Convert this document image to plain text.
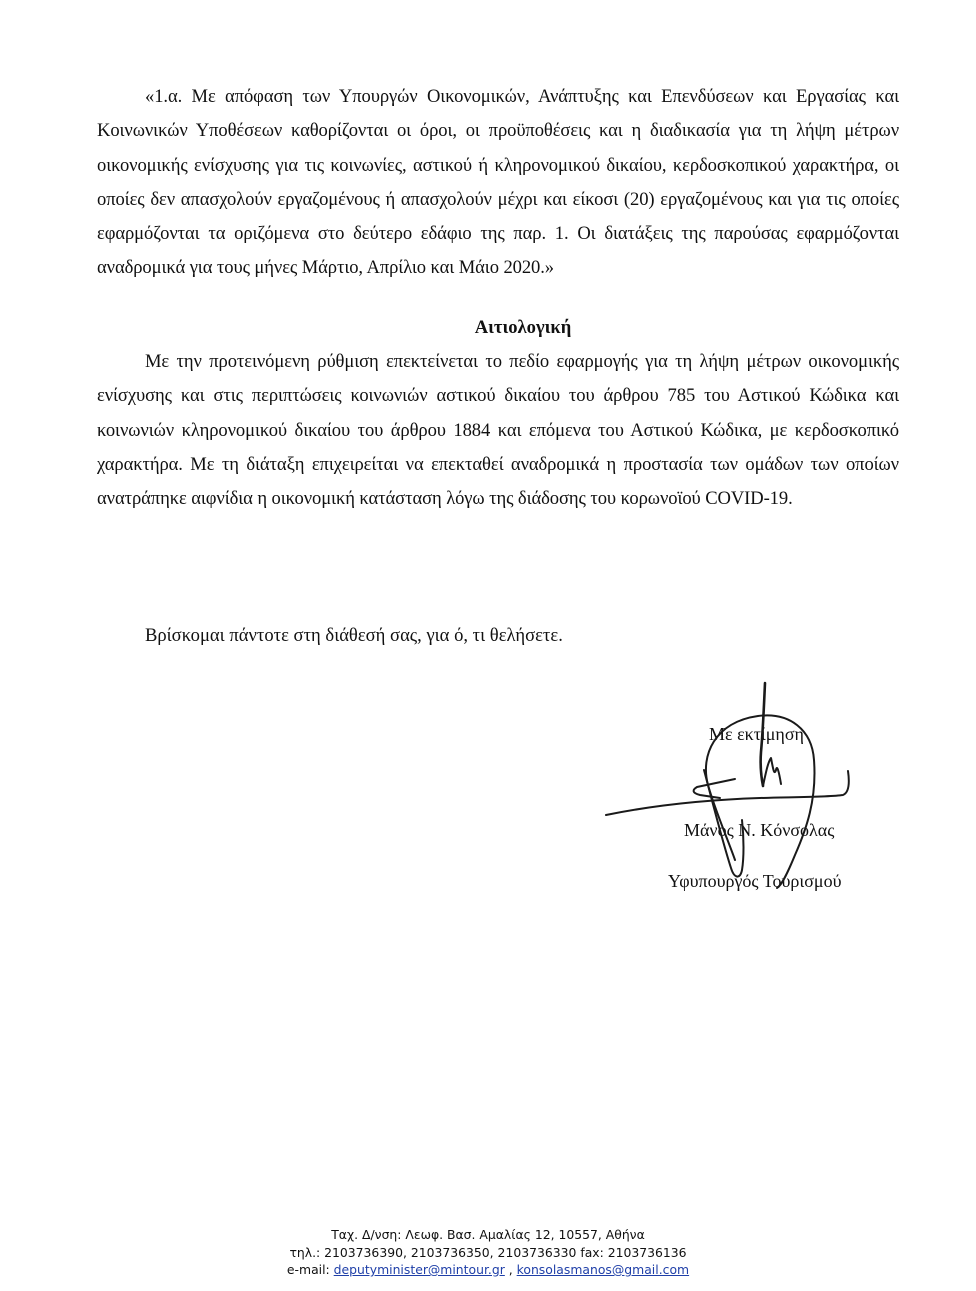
«1.α. Με απόφαση των Υπουργών Οικονομικών, Ανάπτυξης και Επενδύσεων και Εργασίας και Κοινωνικών Υποθέσεων καθορίζονται οι όροι, οι προϋποθέσεις και η διαδικασία για τη λήψη μέτρων οικονομικής ενίσχυσης για τις κοινωνίες, αστικού ή κληρονομικού δικαίου, κερδοσκοπικού χαρακτήρα, οι οποίες δεν απασχολούν εργαζομένους ή απασχολούν μέχρι και είκοσι (20) εργαζομένους και για τις οποίες εφαρμόζονται τα οριζόμενα στο δεύτερο εδάφιο της παρ. 1. Οι διατάξεις της παρούσας εφαρμόζονται αναδρομικά για τους μήνες Μάρτιο, Απρίλιο και Μάιο 2020.»

Αιτιολογική

Με την προτεινόμενη ρύθμιση επεκτείνεται το πεδίο εφαρμογής για τη λήψη μέτρων οικονομικής ενίσχυσης και στις περιπτώσεις κοινωνιών αστικού δικαίου του άρθρου 785 του Αστικού Κώδικα και κοινωνιών κληρονομικού δικαίου του άρθρου 1884 και επόμενα του Αστικού Κώδικα, με κερδοσκοπικό χαρακτήρα. Με τη διάταξη επιχειρείται να επεκταθεί αναδρομικά η προστασία των ομάδων των οποίων ανατράπηκε αιφνίδια η οικονομική κατάσταση λόγω της διάδοσης του κορωνοϊού COVID-19.

Βρίσκομαι πάντοτε στη διάθεσή σας, για ό, τι θελήσετε.

Με εκτίμηση

Μάνος Ν. Κόνσολας

Υφυπουργός Τουρισμού

Ταχ. Δ/νση: Λεωφ. Βασ. Αμαλίας 12, 10557, Αθήνα
τηλ.: 2103736390, 2103736350, 2103736330 fax: 2103736136
e-mail: deputyminister@mintour.gr , konsolasmanos@gmail.com
